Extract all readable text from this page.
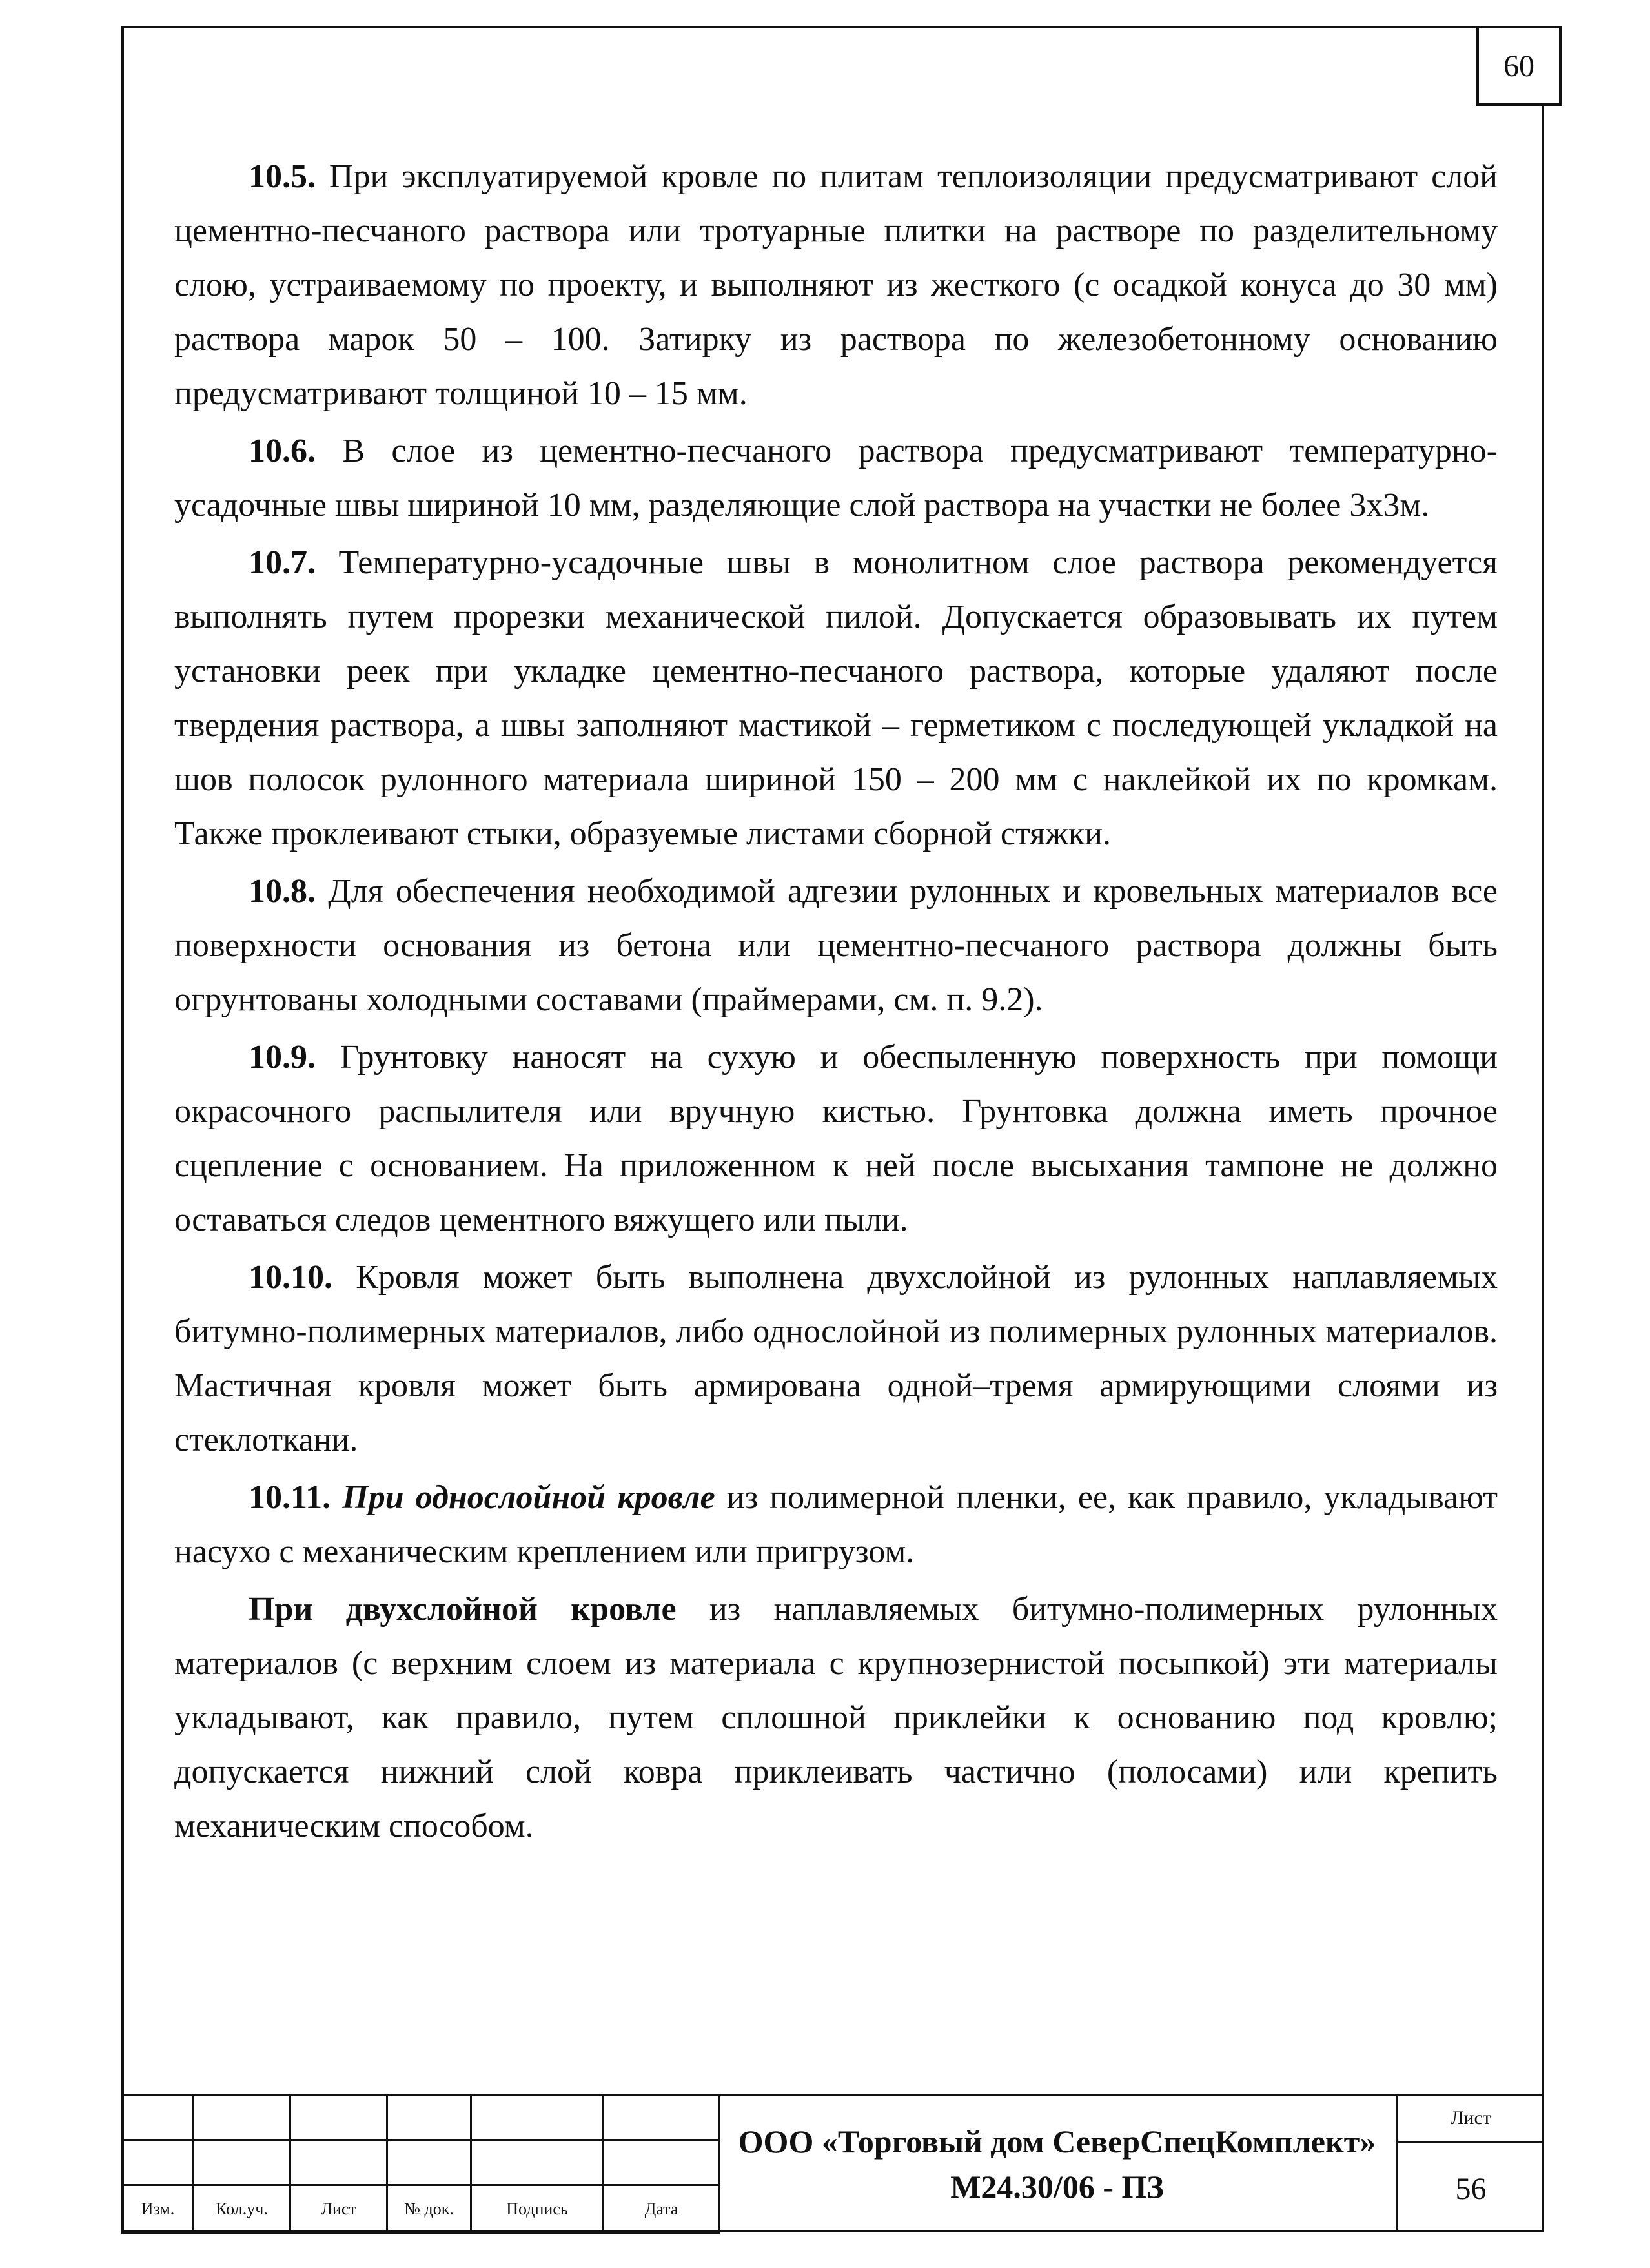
60

10.5. При эксплуатируемой кровле по плитам теплоизоляции предусматривают слой цементно-песчаного раствора или тротуарные плитки на растворе по разделительному слою, устраиваемому по проекту, и выполняют из жесткого (с осадкой конуса до 30 мм) раствора марок 50 – 100. Затирку из раствора по железобетонному основанию предусматривают толщиной 10 – 15 мм.

10.6. В слое из цементно-песчаного раствора предусматривают температурно-усадочные швы шириной 10 мм, разделяющие слой раствора на участки не более 3х3м.

10.7. Температурно-усадочные швы в монолитном слое раствора рекомендуется выполнять путем прорезки механической пилой. Допускается образовывать их путем установки реек при укладке цементно-песчаного раствора, которые удаляют после твердения раствора, а швы заполняют мастикой – герметиком с последующей укладкой на шов полосок рулонного материала шириной 150 – 200 мм с наклейкой их по кромкам. Также проклеивают стыки, образуемые листами сборной стяжки.

10.8. Для обеспечения необходимой адгезии рулонных и кровельных материалов все поверхности основания из бетона или цементно-песчаного раствора должны быть огрунтованы холодными составами (праймерами, см. п. 9.2).

10.9. Грунтовку наносят на сухую и обеспыленную поверхность при помощи окрасочного распылителя или вручную кистью. Грунтовка должна иметь прочное сцепление с основанием. На приложенном к ней после высыхания тампоне не должно оставаться следов цементного вяжущего или пыли.

10.10. Кровля может быть выполнена двухслойной из рулонных наплавляемых битумно-полимерных материалов, либо однослойной из полимерных рулонных материалов. Мастичная кровля может быть армирована одной–тремя армирующими слоями из стеклоткани.

10.11. При однослойной кровле из полимерной пленки, ее, как правило, укладывают насухо с механическим креплением или пригрузом.

При двухслойной кровле из наплавляемых битумно-полимерных рулонных материалов (с верхним слоем из материала с крупнозернистой посыпкой) эти материалы укладывают, как правило, путем сплошной приклейки к основанию под кровлю; допускается нижний слой ковра приклеивать частично (полосами) или крепить механическим способом.

Изм.	Кол.уч.	Лист	№ док.	Подпись	Дата
ООО «Торговый дом СеверСпецКомплект»
М24.30/06 - ПЗ
Лист
56
